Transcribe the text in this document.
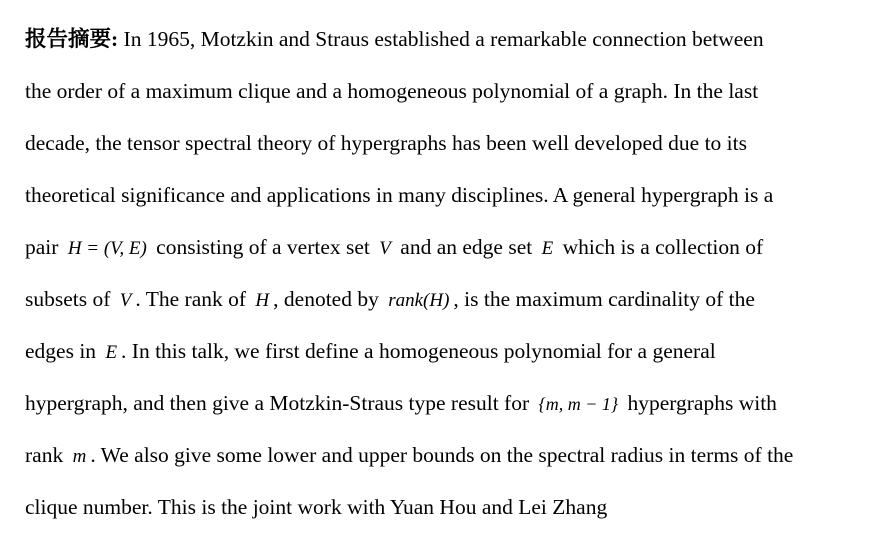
报告摘要: In 1965, Motzkin and Straus established a remarkable connection between
the order of a maximum clique and a homogeneous polynomial of a graph. In the last
decade, the tensor spectral theory of hypergraphs has been well developed due to its
theoretical significance and applications in many disciplines. A general hypergraph is a
pair H = (V, E) consisting of a vertex set V and an edge set E which is a collection of
subsets of V . The rank of H , denoted by rank(H) , is the maximum cardinality of the
edges in E . In this talk, we first define a homogeneous polynomial for a general
hypergraph, and then give a Motzkin-Straus type result for {m, m − 1} hypergraphs with
rank m . We also give some lower and upper bounds on the spectral radius in terms of the
clique number. This is the joint work with Yuan Hou and Lei Zhang
